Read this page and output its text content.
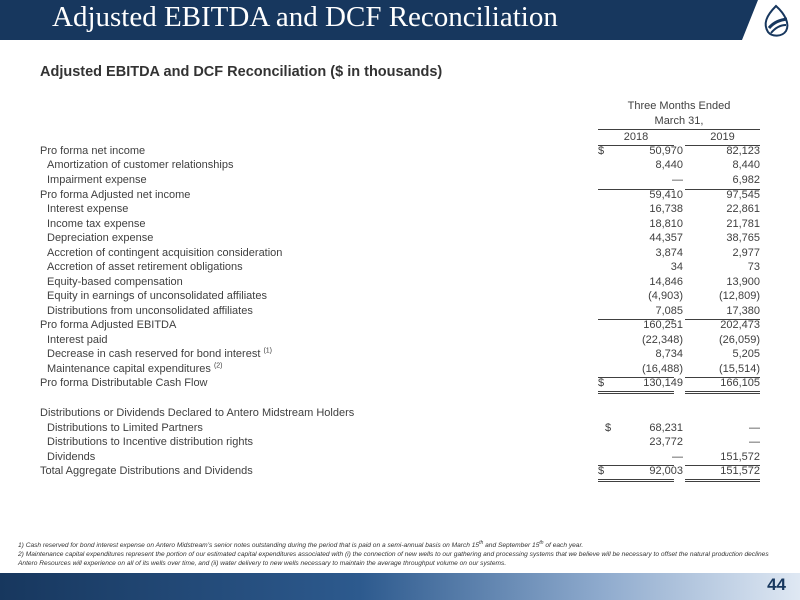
Adjusted EBITDA and DCF Reconciliation
Adjusted EBITDA and DCF Reconciliation ($ in thousands)
Three Months Ended
March 31,
2018	2019
Pro forma net income	$	50,970	82,123
Amortization of customer relationships	8,440	8,440
Impairment expense	—	6,982
Pro forma Adjusted net income	59,410	97,545
Interest expense	16,738	22,861
Income tax expense	18,810	21,781
Depreciation expense	44,357	38,765
Accretion of contingent acquisition consideration	3,874	2,977
Accretion of asset retirement obligations	34	73
Equity-based compensation	14,846	13,900
Equity in earnings of unconsolidated affiliates	(4,903)	(12,809)
Distributions from unconsolidated affiliates	7,085	17,380
Pro forma Adjusted EBITDA	160,251	202,473
Interest paid	(22,348)	(26,059)
Decrease in cash reserved for bond interest $^{(1)}$	8,734	5,205
Maintenance capital expenditures $^{(2)}$	(16,488)	(15,514)
Pro forma Distributable Cash Flow	$	130,149	166,105
Distributions or Dividends Declared to Antero Midstream Holders
Distributions to Limited Partners	$	68,231	—
Distributions to Incentive distribution rights	23,772	—
Dividends	—	151,572
Total Aggregate Distributions and Dividends	$	92,003	151,572
1) Cash reserved for bond interest expense on Antero Midstream’s senior notes outstanding during the period that is paid on a semi-annual basis on March 15th and September 15th of each year.
2) Maintenance capital expenditures represent the portion of our estimated capital expenditures associated with (i) the connection of new wells to our gathering and processing systems that we believe will be necessary to offset the natural production declines Antero Resources will experience on all of its wells over time, and (ii) water delivery to new wells necessary to maintain the average throughput volume on our systems.
44
